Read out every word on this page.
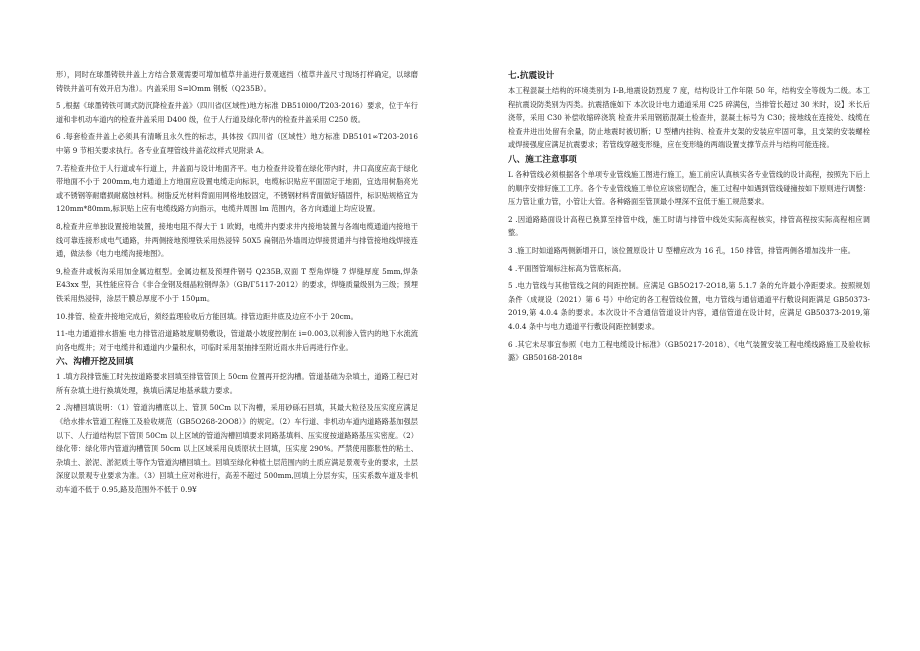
形），同时在球墨铸铁井盖上方结合景观需要可增加植草井盖进行景观遮挡（植草井盖尺寸现场打样确定，以球磨铸铁井盖可有效开启为准）。内盖采用 S=lOmm 钢板（Q235B）。

5 ,根据《球墨铸铁可调式防沉降检查井盖》（四川省(区域性)地方标准 DB510l00/T203-2016）要求，位于车行道和非机动车道内的检查井盖采用 D400 级，位于人行道及绿化带内的检查井盖采用 C250 级。

6 .每套检查井盖上必须具有清晰且永久性的标志，具体按《四川省（区域性）地方标准 DB5101∞T203-2016 中第 9 节相关要求执行。各专业直埋管线井盖花纹样式见附录 A。

7.若检查井位于人行道或车行道上，井盖面与设计地面齐平。电力检查井设着在绿化带内时，井口高度应高于绿化带地面不小于 200mm,电力通道上方地面应设置电缆走向标识，电缆标识贴应平面固定于地面，宜选用树脂亮光或不锈钢等耐磨损耐腐蚀材料。树脂反光材料背面用网格地胶固定，不锈钢材料背面做好锚固件，标识贴规格宜为 120mm*80mm,标识贴上应有电缆线路方向指示，电缆井周围 lm 范围内，各方向通道上均应设置。

8,检查井应单独设置接地装置，接地电阻不得大于 1 欧姆，电缆井内要求井内接地装置与各端电缆通道内接地干线可靠连接形成电气通路，井两侧接地预埋铁采用热浸锌 50X5 扁钢沿外墙周边焊接贯通并与排管接地线焊接连通，做法参《电力电缆沟接地图》。

9,检查井或板沟采用加金属边框型。金属边框及预埋件钢号 Q235B,双面 T 型角焊缝 7 焊缝厚度 5mm,焊条 E43xx 型，其性能应符合《非合金钢及细晶粒钢焊条》（GB/Γ5117-2012）的要求，焊缝质量级别为三级；预埋铁采用热浸锌，涂层干膜总厚度不小于 150μm。

10.排管、检查井接地完成后，须经监理验收后方能回填。排管边距井底及边应不小于 20cm。

11-电力通道排水措施 电力排管沿道路坡度顺势敷设，管道最小坡度控制在 i=0.003,以利渗入管内的地下水流流向各电缆井；对于电缆井和通道内少量积水，可临时采用泵抽排至附近雨水井后再进行作业。

六、沟槽开挖及回填

1 .填方段排管施工时先按道路要求回填至排管管顶上 50cm 位置再开挖沟槽。管道基础为杂填土，道路工程已对所有杂填土进行换填处理，换填后满足地基承载力要求。

2 .沟槽回填说明：（1）管道沟槽底以上、管顶 50Cm 以下沟槽，采用砂砾石回填，其最大粒径及压实度应满足《给水排水管道工程施工及验收规范（GB5O268-2OO8）》的规定。（2）车行道、非机动车道内道路路基加强层以下、人行道结构层下管顶 50Cm 以上区域的管道沟槽回填要求同路基填料、压实度按道路路基压实密度。（2）绿化带：绿化带内管道沟槽管顶 50cm 以上区域采用良质原状土回填，压实度 290%。严禁使用膨胀性的粘土、杂填土、淤泥、淤泥质土等作为管道沟槽回填土。回填至绿化种植土层范围内的土质应满足景观专业的要求，土层深度以景观专业要求为准。（3）回填土应对称进行，高差不超过 500mm,回填上分层夯实，压实系数车道及非机动车道不低于 0.95,路及范围外不低于 0.9¥

七.抗震设计

本工程混凝土结构的环境类别为 I-B,地震设防烈度 7 度，结构设计工作年限 50 年，结构安全等级为二级。本工程抗震设防类别为丙类。抗震措施如下 本次设计电力通道采用 C25 碎满包，当排管长超过 30 米时，设】米长后浇带，采用 C30 补偿收缩碎浇筑 检查井采用钢筋混凝土检查井，混凝土标号为 C30；接地线在连接处、线缆在检查井进出处留有余量，防止地震时被切断；U 型槽内挂钩、检查井支架的安装应牢固可靠，且支架的安装螺栓或焊接强度应满足抗震要求；若管线穿越变形缝，应在变形缝的两端设置支撑节点并与结构可能连接。

八、施工注意事项

L 各种管线必须根据各个单项专业管线施工图进行施工，施工前应认真核实各专业管线的设计高程，按照先下后上的顺序安排好施工工序。各个专业管线施工单位应该密切配合，施工过程中如遇到管线碰撞按如下原则进行调整：压力管让重力管，小管让大管。各种路面至管顶最小埋深不宜低于施工规范要求。

2 .因道路路面设计高程已换算至排管中线，施工时请与排管中线处实际高程核实，排管高程按实际高程相应调整。

3 .施工时如道路两侧新增开口，该位置原设计 U 型槽应改为 16 孔，150 排管，排管两侧各增加浅井一座。

4 .平面图管端标注标高为管底标高。

5 .电力管线与其他管线之间的间距控制。应满足 GB5O217-2O18,第 5.1.7 条的允许最小净距要求。按照规划条件（成规设（2021）第 6 号）中给定的各工程管线位置，电力管线与通信通道平行敷设间距满足 GB50373-2019,第 4.0.4 条的要求。本次设计不含通信管道设计内容，通信管道在设计时，应满足 GB50373-2019,第 4.0.4 条中与电力通道平行敷设间距控制要求。

6 .其它未尽事宜参照《电力工程电缆设计标准》（GB50217-2018）、《电气装置安装工程电缆线路施工及验收标潞》GB50168-2018¤
